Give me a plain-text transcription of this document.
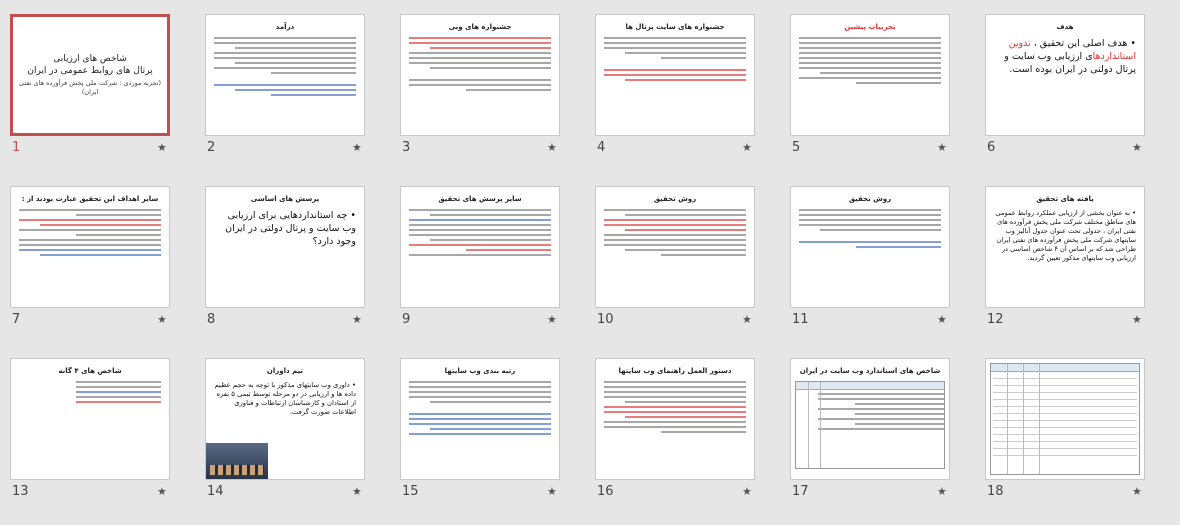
شاخص های ارزیابی
پرتال های روابط عمومی در ایران
(تجربه موردی : شرکت ملی پخش فرآورده های نفتی ایران)
1	★
درآمد
2	★
جشنواره های وبی
3	★
جشنواره های سایت پرتال ها
4	★
تجربیات پیشین
5	★
هدف
• هدف اصلی این تحقیق ، تدوین استانداردهای ارزیابی وب سایت و پرتال دولتی در ایران بوده است.
6	★
سایر اهداف این تحقیق عبارت بودند از :
7	★
پرسش های اساسی
• چه استانداردهایی برای ارزیابی وب سایت و پرتال دولتی در ایران وجود دارد؟
8	★
سایر پرسش های تحقیق
9	★
روش تحقیق
10	★
روش تحقیق
11	★
یافته های تحقیق
• به عنوان بخشی از ارزیابی عملکرد روابط عمومی های مناطق مختلف شرکت ملی پخش فرآورده های نفتی ایران ، جدولی تحت عنوان جدول آنالیز وب سایتهای شرکت ملی پخش فرآورده های نفتی ایران طراحی شد که بر اساس آن ۴ شاخص اساسی در ارزیابی وب سایتهای مذکور تعیین گردید.
12	★
شاخص های ۴ گانه
13	★
تیم داوران
• داوری وب سایتهای مذکور با توجه به حجم عظیم داده ها و ارزیابی در دو مرحله توسط تیمی ۵ نفره از استادان و کارشناسان ارتباطات و فناوری اطلاعات صورت گرفت.
14	★
رتبه بندی وب سایتها
15	★
دستور العمل راهنمای وب سایتها
16	★
شاخص های استاندارد وب سایت در ایران
17	★	18	★
